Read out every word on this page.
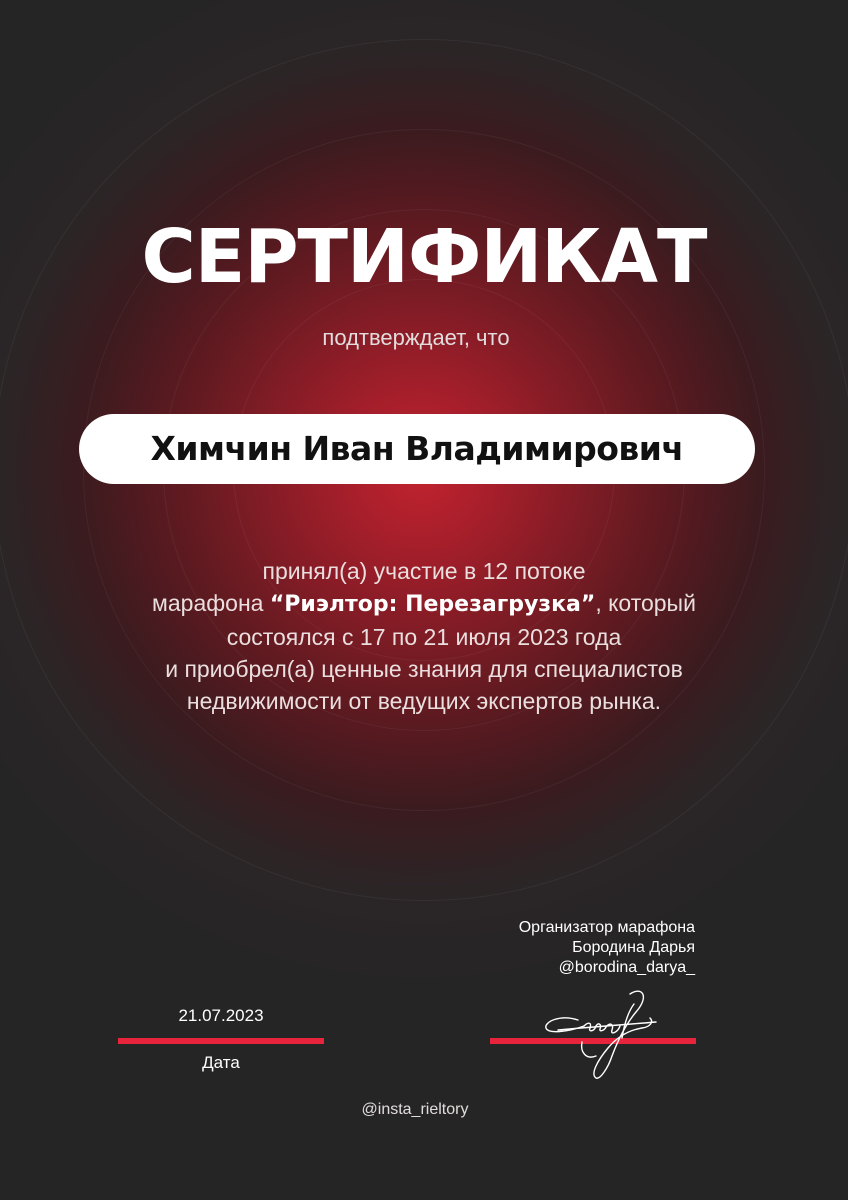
СЕРТИФИКАТ
подтверждает, что
Химчин Иван Владимирович
принял(а) участие в 12 потоке
марафона “Риэлтор: Перезагрузка”, который
состоялся с 17 по 21 июля 2023 года
и приобрел(а) ценные знания для специалистов
недвижимости от ведущих экспертов рынка.
Организатор марафона
Бородина Дарья
@borodina_darya_
21.07.2023
Дата
@insta_rieltory
